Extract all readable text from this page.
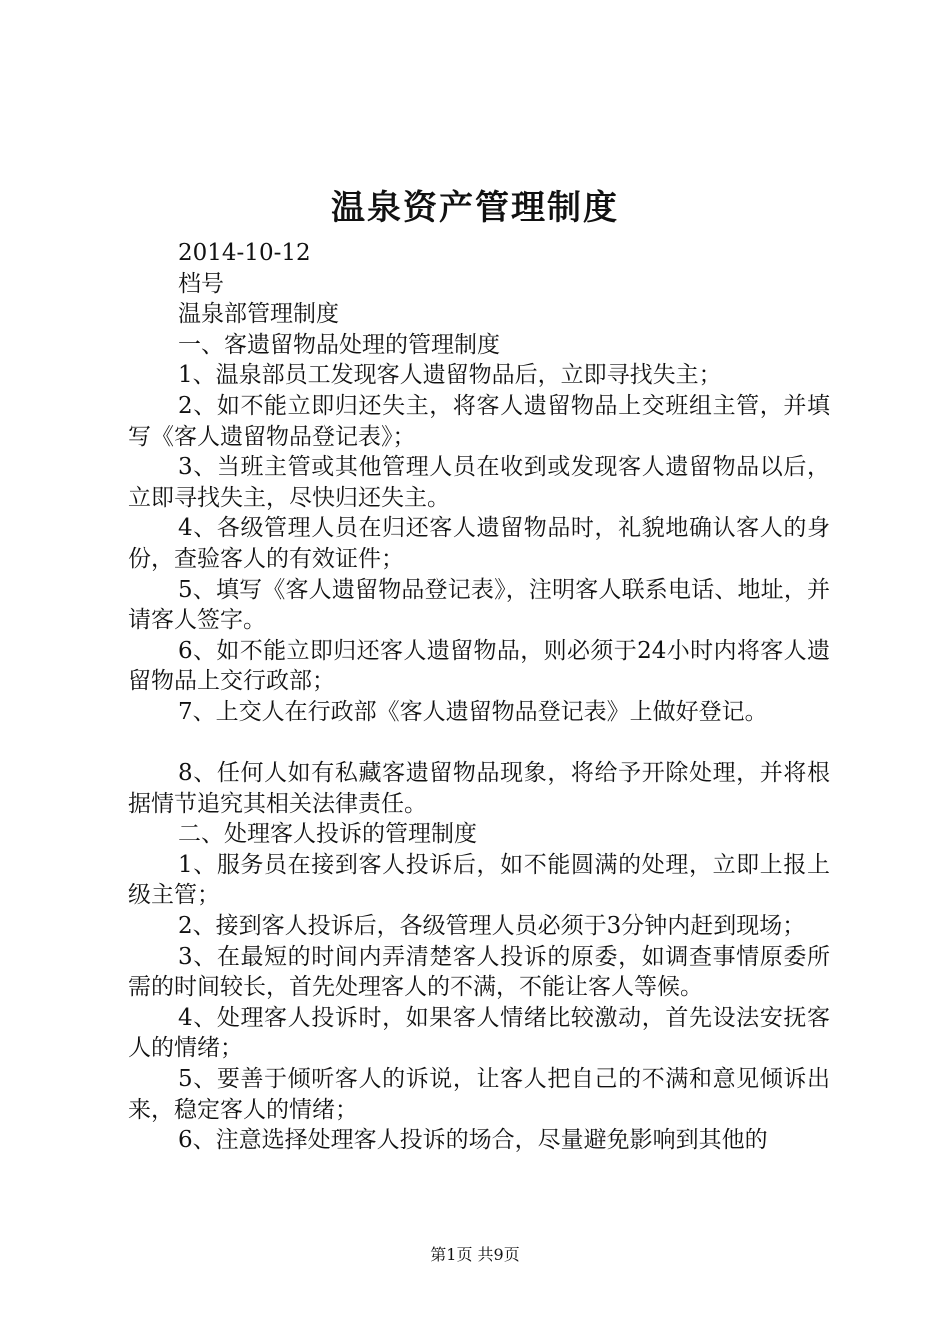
温泉资产管理制度
2014-10-12
档号
温泉部管理制度
一、客遗留物品处理的管理制度
1、温泉部员工发现客人遗留物品后，立即寻找失主；
2、如不能立即归还失主，将客人遗留物品上交班组主管，并填写《客人遗留物品登记表》；
3、当班主管或其他管理人员在收到或发现客人遗留物品以后，立即寻找失主，尽快归还失主。
4、各级管理人员在归还客人遗留物品时，礼貌地确认客人的身份，查验客人的有效证件；
5、填写《客人遗留物品登记表》，注明客人联系电话、地址，并请客人签字。
6、如不能立即归还客人遗留物品，则必须于24小时内将客人遗留物品上交行政部；
7、上交人在行政部《客人遗留物品登记表》上做好登记。
8、任何人如有私藏客遗留物品现象，将给予开除处理，并将根据情节追究其相关法律责任。
二、处理客人投诉的管理制度
1、服务员在接到客人投诉后，如不能圆满的处理，立即上报上级主管；
2、接到客人投诉后，各级管理人员必须于3分钟内赶到现场；
3、在最短的时间内弄清楚客人投诉的原委，如调查事情原委所需的时间较长，首先处理客人的不满，不能让客人等候。
4、处理客人投诉时，如果客人情绪比较激动，首先设法安抚客人的情绪；
5、要善于倾听客人的诉说，让客人把自己的不满和意见倾诉出来，稳定客人的情绪；
6、注意选择处理客人投诉的场合，尽量避免影响到其他的
第1页 共9页
